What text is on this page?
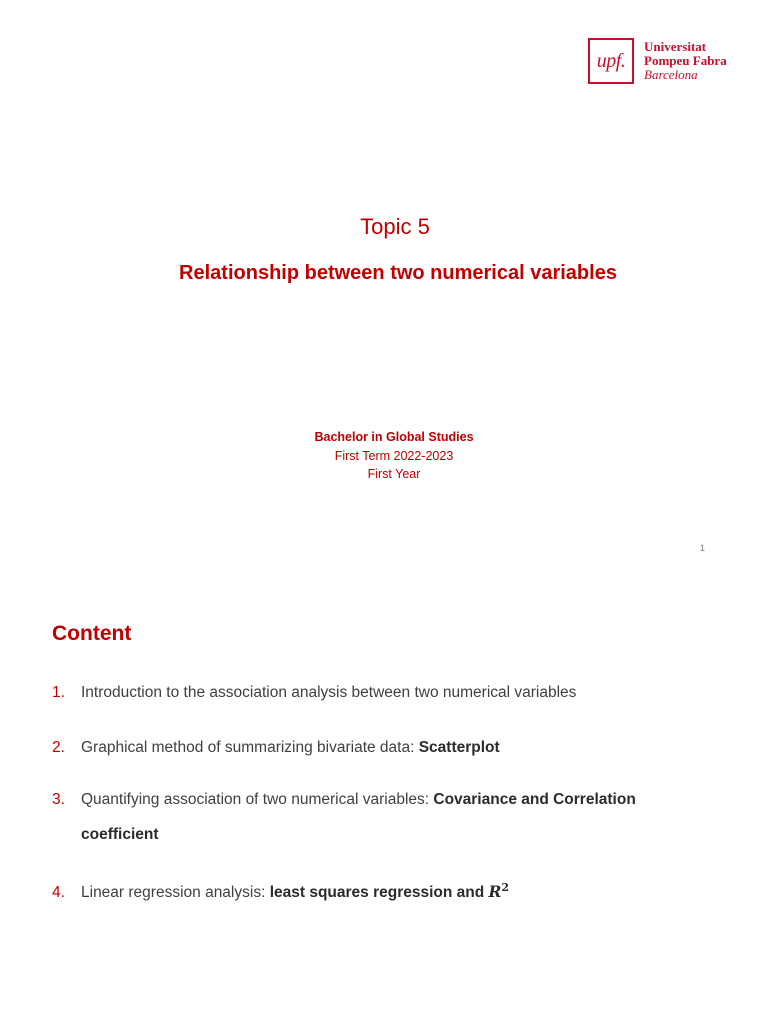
upf.
Universitat
Pompeu Fabra
Barcelona
Topic 5
Relationship between two numerical variables
Bachelor in Global Studies
First Term 2022-2023
First Year
1
Content
1. Introduction to the association analysis between two numerical variables
2. Graphical method of summarizing bivariate data: Scatterplot
3. Quantifying association of two numerical variables: Covariance and Correlation
coefficient
4. Linear regression analysis: least squares regression and $R^2$
